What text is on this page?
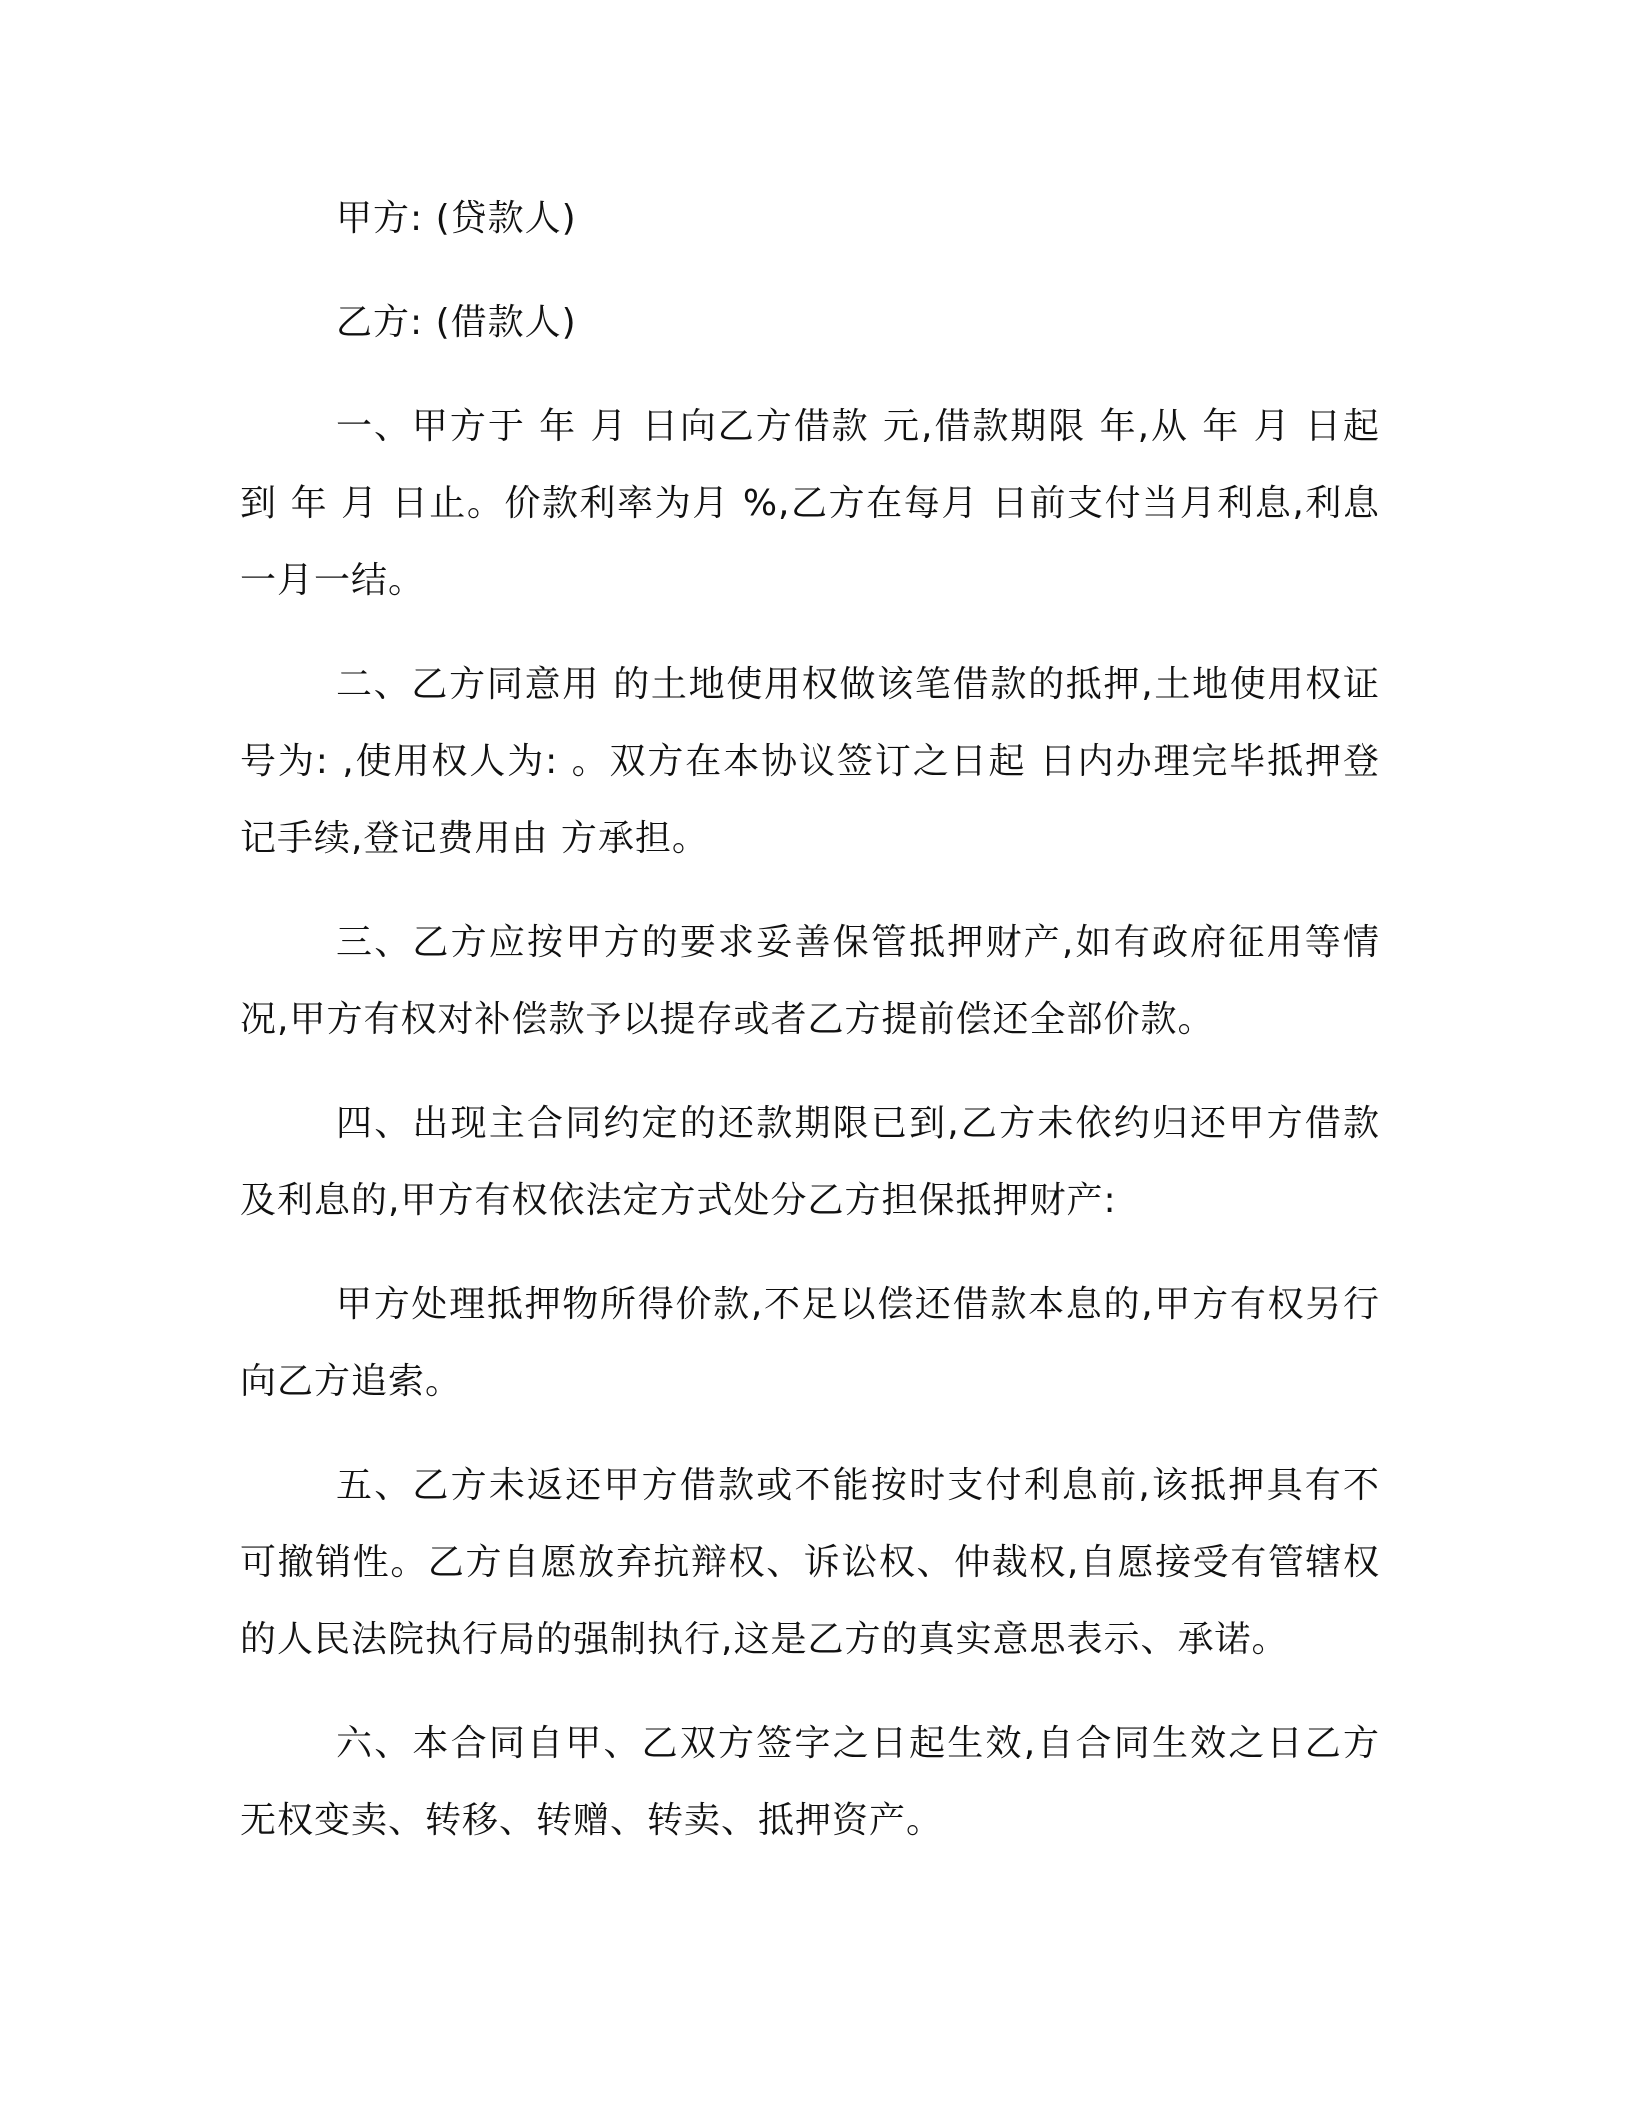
甲方: (贷款人)

乙方: (借款人)

一、甲方于 年 月 日向乙方借款 元,借款期限 年,从 年 月 日起到 年 月 日止。价款利率为月 %,乙方在每月 日前支付当月利息,利息一月一结。

二、乙方同意用 的土地使用权做该笔借款的抵押,土地使用权证号为: ,使用权人为: 。双方在本协议签订之日起 日内办理完毕抵押登记手续,登记费用由 方承担。

三、乙方应按甲方的要求妥善保管抵押财产,如有政府征用等情况,甲方有权对补偿款予以提存或者乙方提前偿还全部价款。

四、出现主合同约定的还款期限已到,乙方未依约归还甲方借款及利息的,甲方有权依法定方式处分乙方担保抵押财产:

甲方处理抵押物所得价款,不足以偿还借款本息的,甲方有权另行向乙方追索。

五、乙方未返还甲方借款或不能按时支付利息前,该抵押具有不可撤销性。乙方自愿放弃抗辩权、诉讼权、仲裁权,自愿接受有管辖权的人民法院执行局的强制执行,这是乙方的真实意思表示、承诺。

六、本合同自甲、乙双方签字之日起生效,自合同生效之日乙方无权变卖、转移、转赠、转卖、抵押资产。
